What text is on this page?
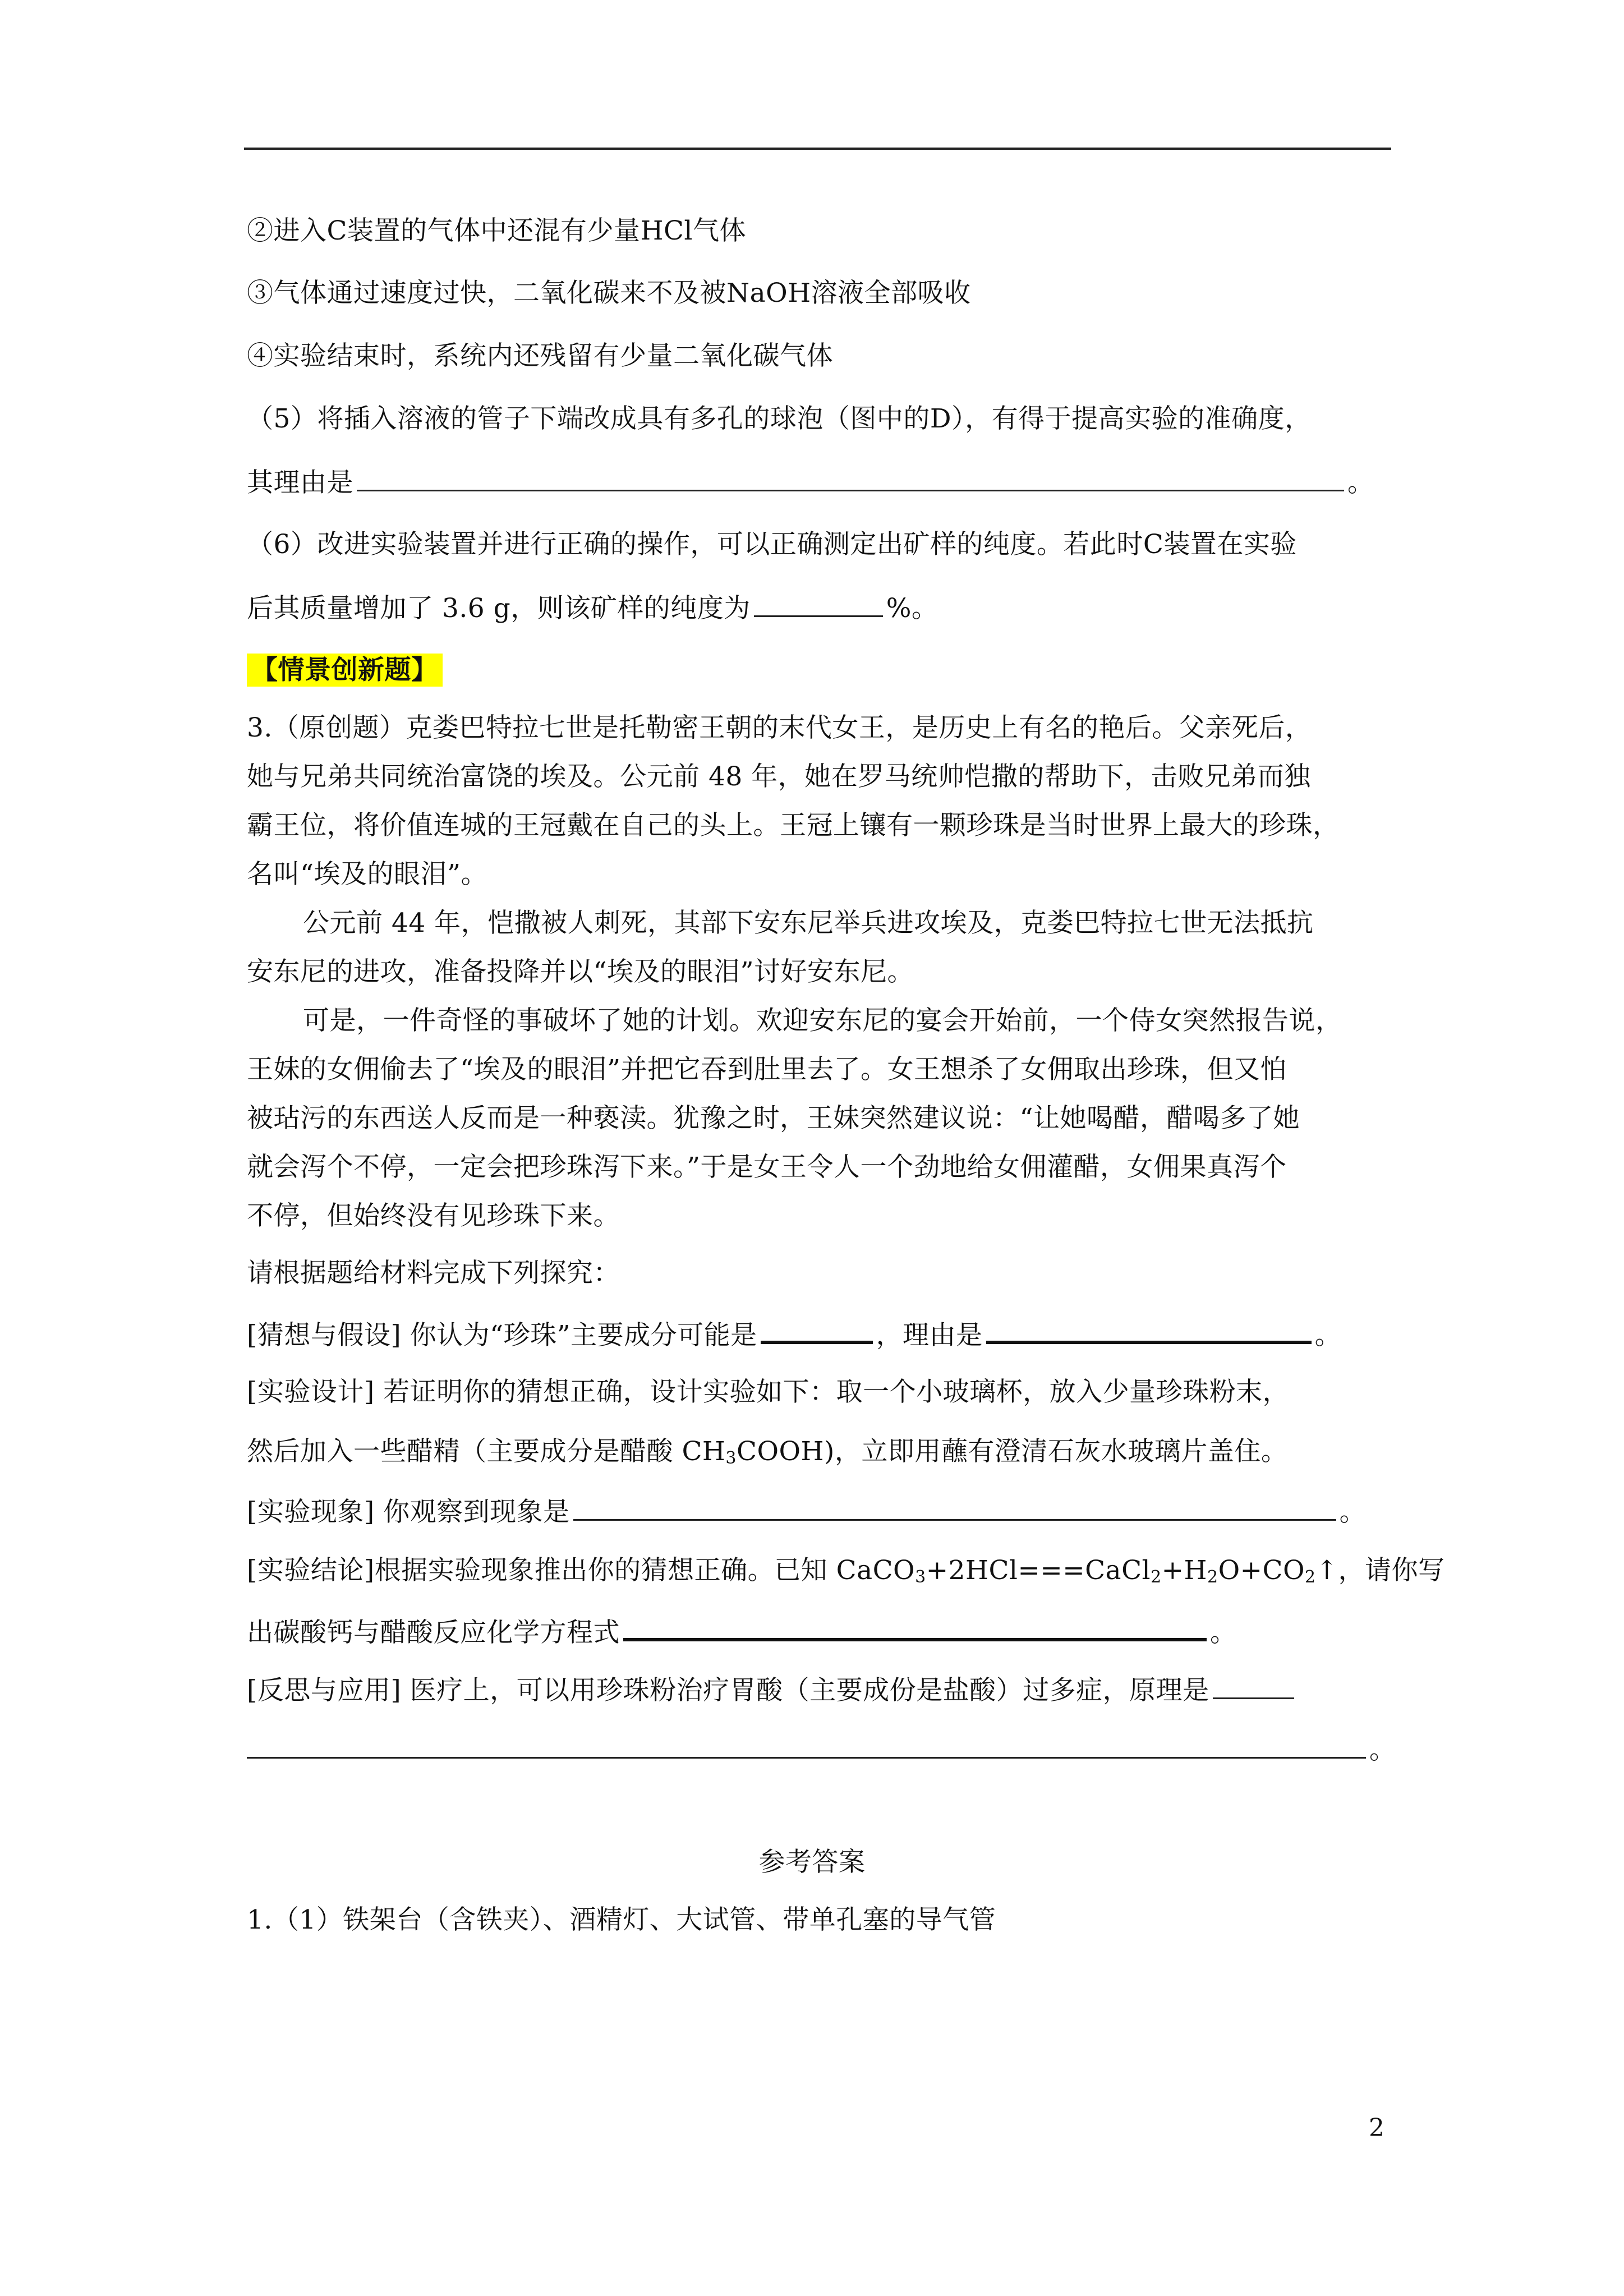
②进入C装置的气体中还混有少量HCl气体
③气体通过速度过快，二氧化碳来不及被NaOH溶液全部吸收
④实验结束时，系统内还残留有少量二氧化碳气体
（5）将插入溶液的管子下端改成具有多孔的球泡（图中的D），有得于提高实验的准确度，
其理由是	。
（6）改进实验装置并进行正确的操作，可以正确测定出矿样的纯度。若此时C装置在实验
后其质量增加了 3.6 g，则该矿样的纯度为	%。
【情景创新题】
3.（原创题）克娄巴特拉七世是托勒密王朝的末代女王，是历史上有名的艳后。父亲死后，
她与兄弟共同统治富饶的埃及。公元前 48 年，她在罗马统帅恺撒的帮助下，击败兄弟而独
霸王位，将价值连城的王冠戴在自己的头上。王冠上镶有一颗珍珠是当时世界上最大的珍珠，
名叫“埃及的眼泪”。
公元前 44 年，恺撒被人刺死，其部下安东尼举兵进攻埃及，克娄巴特拉七世无法抵抗
安东尼的进攻，准备投降并以“埃及的眼泪”讨好安东尼。
可是，一件奇怪的事破坏了她的计划。欢迎安东尼的宴会开始前，一个侍女突然报告说，
王妹的女佣偷去了“埃及的眼泪”并把它吞到肚里去了。女王想杀了女佣取出珍珠，但又怕
被玷污的东西送人反而是一种亵渎。犹豫之时，王妹突然建议说：“让她喝醋，醋喝多了她
就会泻个不停，一定会把珍珠泻下来。”于是女王令人一个劲地给女佣灌醋，女佣果真泻个
不停，但始终没有见珍珠下来。
请根据题给材料完成下列探究：
[猜想与假设] 你认为“珍珠”主要成分可能是	，理由是	。
[实验设计] 若证明你的猜想正确，设计实验如下：取一个小玻璃杯，放入少量珍珠粉末，
然后加入一些醋精（主要成分是醋酸 $CH_3COOH$)，立即用蘸有澄清石灰水玻璃片盖住。
[实验现象] 你观察到现象是	。
[实验结论]根据实验现象推出你的猜想正确。已知 $CaCO_3+2HCl===CaCl_2+H_2O+CO_2↑$，请你写
出碳酸钙与醋酸反应化学方程式	。
[反思与应用] 医疗上，可以用珍珠粉治疗胃酸（主要成份是盐酸）过多症，原理是
。
参考答案
1.（1）铁架台（含铁夹）、酒精灯、大试管、带单孔塞的导气管
2
